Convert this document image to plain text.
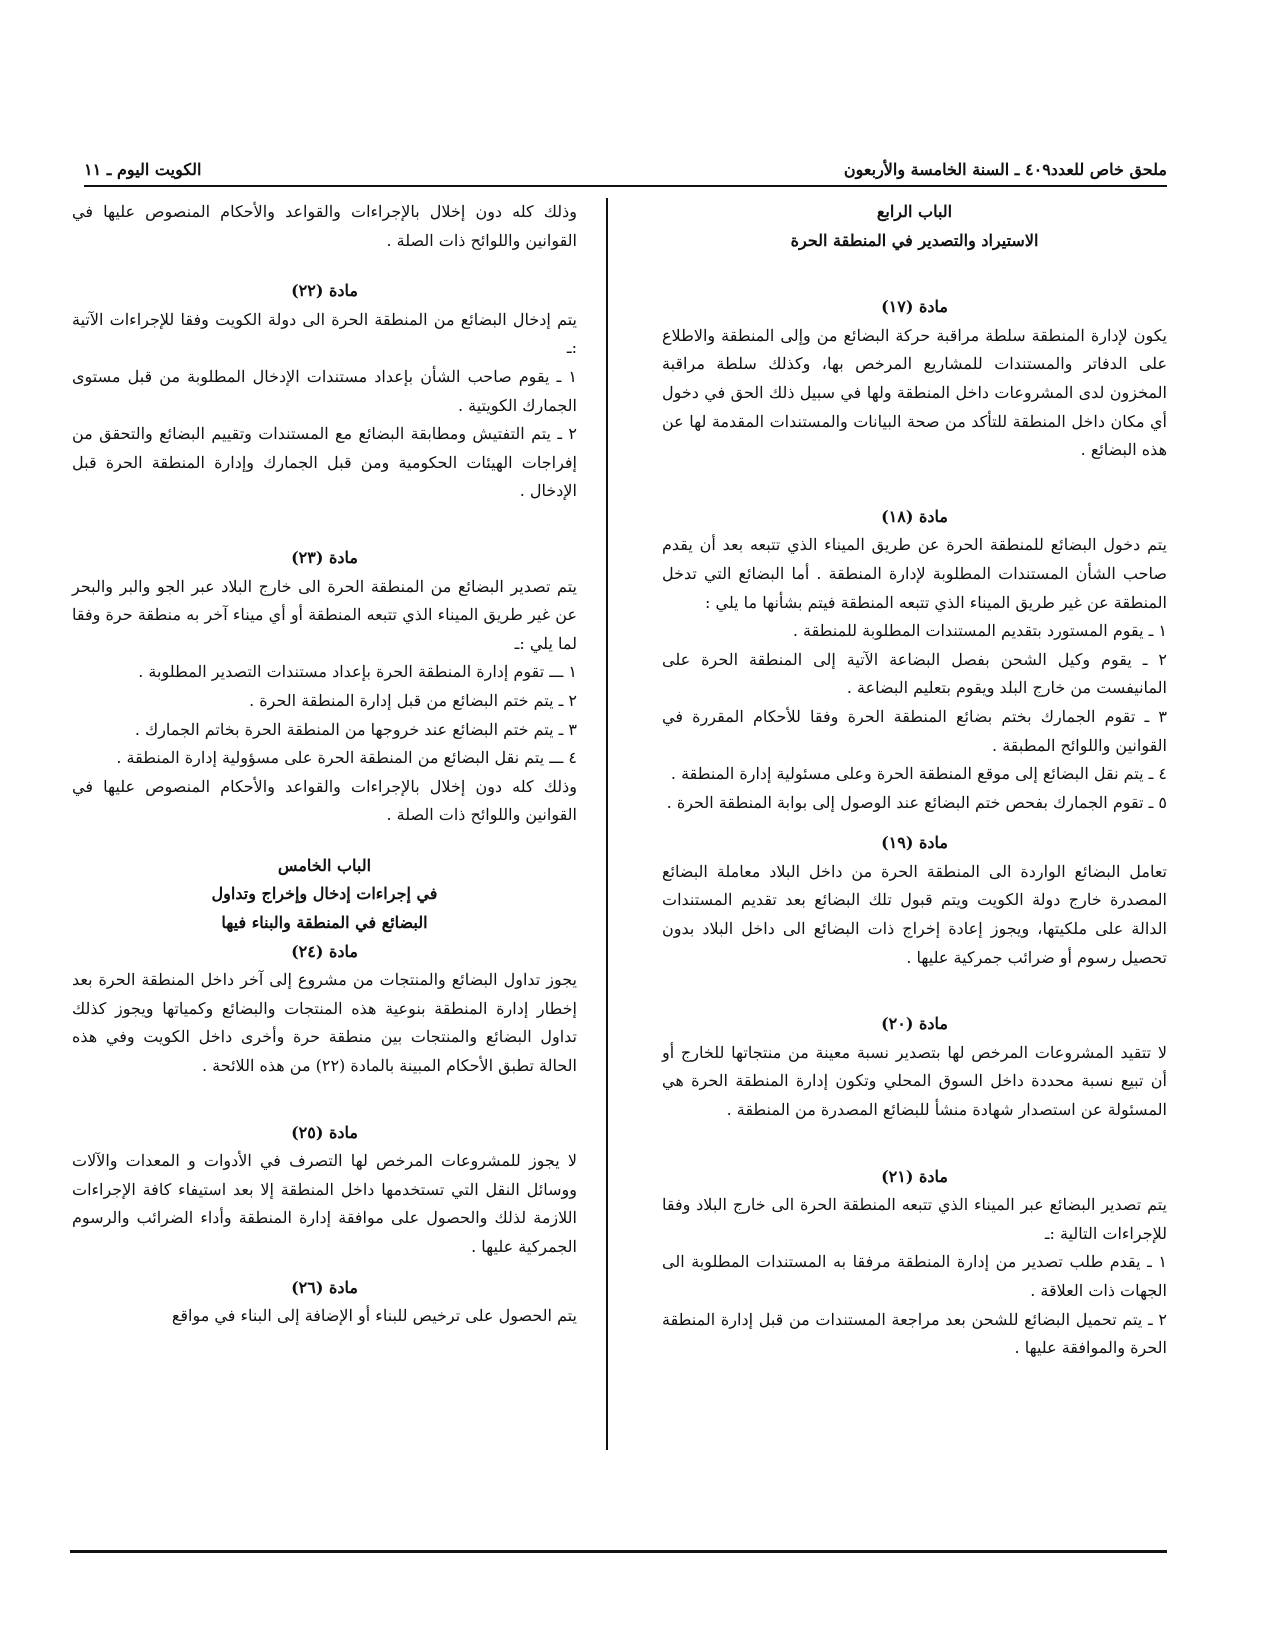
ملحق خاص للعدد٤٠٩ ـ السنة الخامسة والأربعون
الكويت اليوم ـ ١١

الباب الرابع

الاستيراد والتصدير في المنطقة الحرة

مادة (١٧)

يكون لإدارة المنطقة سلطة مراقبة حركة البضائع من وإلى المنطقة والاطلاع على الدفاتر والمستندات للمشاريع المرخص بها، وكذلك سلطة مراقبة المخزون لدى المشروعات داخل المنطقة ولها في سبيل ذلك الحق في دخول أي مكان داخل المنطقة للتأكد من صحة البيانات والمستندات المقدمة لها عن هذه البضائع .

مادة (١٨)

يتم دخول البضائع للمنطقة الحرة عن طريق الميناء الذي تتبعه بعد أن يقدم صاحب الشأن المستندات المطلوبة لإدارة المنطقة . أما البضائع التي تدخل المنطقة عن غير طريق الميناء الذي تتبعه المنطقة فيتم بشأنها ما يلي :

١ ـ يقوم المستورد بتقديم المستندات المطلوبة للمنطقة .

٢ ـ يقوم وكيل الشحن بفصل البضاعة الآتية إلى المنطقة الحرة على المانيفست من خارج البلد ويقوم بتعليم البضاعة .

٣ ـ تقوم الجمارك بختم بضائع المنطقة الحرة وفقا للأحكام المقررة في القوانين واللوائح المطبقة .

٤ ـ يتم نقل البضائع إلى موقع المنطقة الحرة وعلى مسئولية إدارة المنطقة .

٥ ـ تقوم الجمارك بفحص ختم البضائع عند الوصول إلى بوابة المنطقة الحرة .

مادة (١٩)

تعامل البضائع الواردة الى المنطقة الحرة من داخل البلاد معاملة البضائع المصدرة خارج دولة الكويت ويتم قبول تلك البضائع بعد تقديم المستندات الدالة على ملكيتها، ويجوز إعادة إخراج ذات البضائع الى داخل البلاد بدون تحصيل رسوم أو ضرائب جمركية عليها .

مادة (٢٠)

لا تتقيد المشروعات المرخص لها بتصدير نسبة معينة من منتجاتها للخارج أو أن تبيع نسبة محددة داخل السوق المحلي وتكون إدارة المنطقة الحرة هي المسئولة عن استصدار شهادة منشأ للبضائع المصدرة من المنطقة .

مادة (٢١)

يتم تصدير البضائع عبر الميناء الذي تتبعه المنطقة الحرة الى خارج البلاد وفقا للإجراءات التالية :ـ

١ ـ يقدم طلب تصدير من إدارة المنطقة مرفقا به المستندات المطلوبة الى الجهات ذات العلاقة .

٢ ـ يتم تحميل البضائع للشحن بعد مراجعة المستندات من قبل إدارة المنطقة الحرة والموافقة عليها .

وذلك كله دون إخلال بالإجراءات والقواعد والأحكام المنصوص عليها في القوانين واللوائح ذات الصلة .

مادة (٢٢)

يتم إدخال البضائع من المنطقة الحرة الى دولة الكويت وفقا للإجراءات الآتية :ـ

١ ـ يقوم صاحب الشأن بإعداد مستندات الإدخال المطلوبة من قبل مستوى الجمارك الكويتية .

٢ ـ يتم التفتيش ومطابقة البضائع مع المستندات وتقييم البضائع والتحقق من إفراجات الهيئات الحكومية ومن قبل الجمارك وإدارة المنطقة الحرة قبل الإدخال .

مادة (٢٣)

يتم تصدير البضائع من المنطقة الحرة الى خارج البلاد عبر الجو والبر والبحر عن غير طريق الميناء الذي تتبعه المنطقة أو أي ميناء آخر به منطقة حرة وفقا لما يلي :ـ

١ ـــ تقوم إدارة المنطقة الحرة بإعداد مستندات التصدير المطلوبة .

٢ ـ يتم ختم البضائع من قبل إدارة المنطقة الحرة .

٣ ـ يتم ختم البضائع عند خروجها من المنطقة الحرة بخاتم الجمارك .

٤ ـــ يتم نقل البضائع من المنطقة الحرة على مسؤولية إدارة المنطقة .

وذلك كله دون إخلال بالإجراءات والقواعد والأحكام المنصوص عليها في القوانين واللوائح ذات الصلة .

الباب الخامس

في إجراءات إدخال وإخراج وتداول

البضائع في المنطقة والبناء فيها

مادة (٢٤)

يجوز تداول البضائع والمنتجات من مشروع إلى آخر داخل المنطقة الحرة بعد إخطار إدارة المنطقة بنوعية هذه المنتجات والبضائع وكمياتها ويجوز كذلك تداول البضائع والمنتجات بين منطقة حرة وأخرى داخل الكويت وفي هذه الحالة تطبق الأحكام المبينة بالمادة (٢٢) من هذه اللائحة .

مادة (٢٥)

لا يجوز للمشروعات المرخص لها التصرف في الأدوات و المعدات والآلات ووسائل النقل التي تستخدمها داخل المنطقة إلا بعد استيفاء كافة الإجراءات اللازمة لذلك والحصول على موافقة إدارة المنطقة وأداء الضرائب والرسوم الجمركية عليها .

مادة (٢٦)

يتم الحصول على ترخيص للبناء أو الإضافة إلى البناء في مواقع
